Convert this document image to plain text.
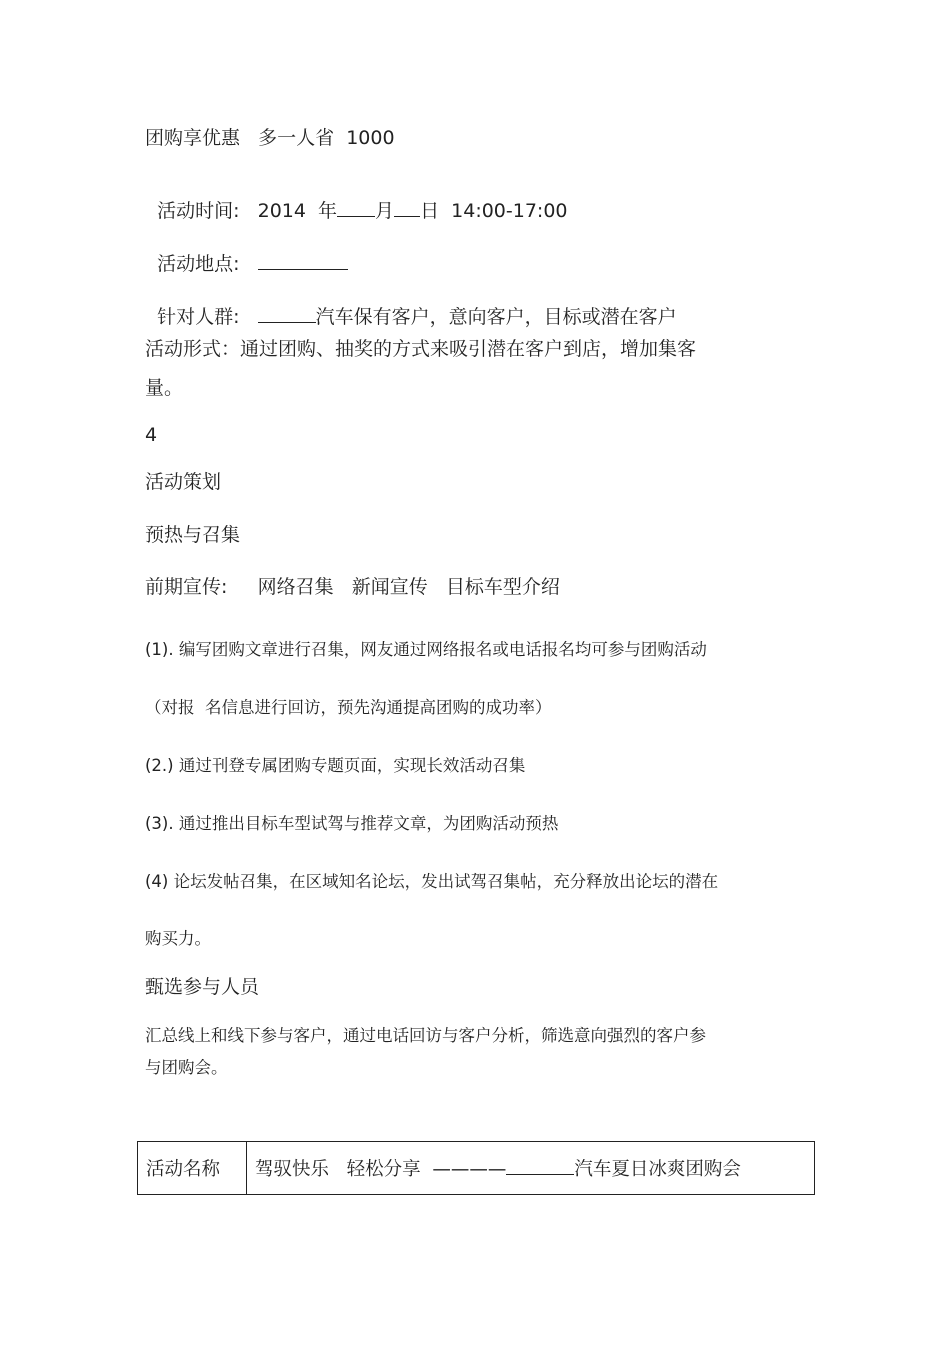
团购享优惠   多一人省  1000

活动时间:   2014  年 月 日  14:00-17:00

活动地点:

针对人群:	汽车保有客户，意向客户，目标或潜在客户

活动形式：通过团购、抽奖的方式来吸引潜在客户到店，增加集客
量。
4
活动策划
预热与召集
前期宣传:     网络召集   新闻宣传   目标车型介绍
(1). 编写团购文章进行召集，网友通过网络报名或电话报名均可参与团购活动
（对报  名信息进行回访，预先沟通提高团购的成功率）
(2.) 通过刊登专属团购专题页面，实现长效活动召集
(3). 通过推出目标车型试驾与推荐文章，为团购活动预热
(4) 论坛发帖召集，在区域知名论坛，发出试驾召集帖，充分释放出论坛的潜在
购买力。
甄选参与人员
汇总线上和线下参与客户，通过电话回访与客户分析，筛选意向强烈的客户参
与团购会。
活动名称	驾驭快乐   轻松分享  ————	汽车夏日冰爽团购会
